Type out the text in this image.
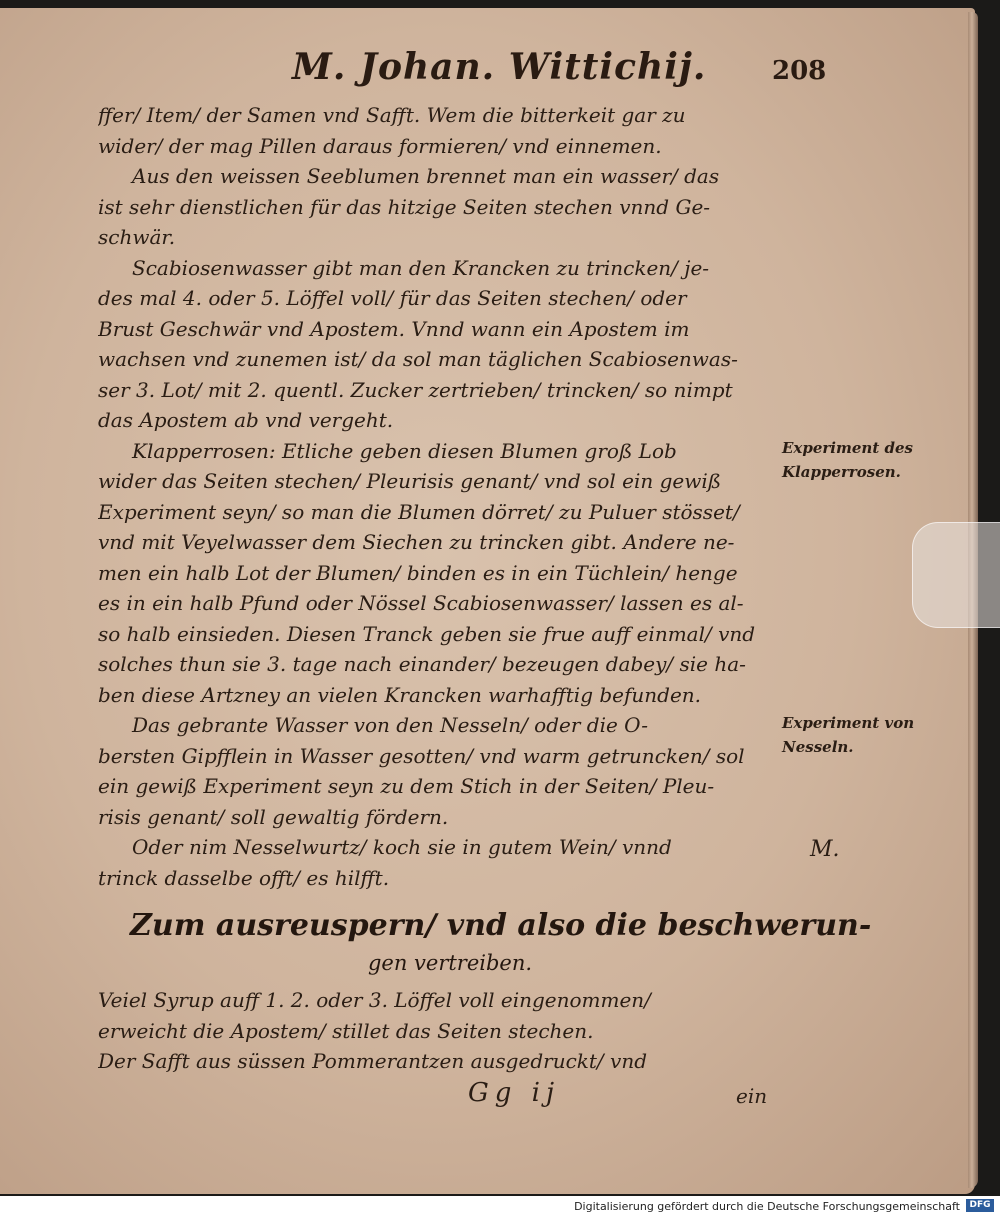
M. Johan. Wittichij.	208
ffer/ Item/ der Samen vnd Safft. Wem die bitterkeit gar zu
wider/ der mag Pillen daraus formieren/ vnd einnemen.
Aus den weissen Seeblumen brennet man ein wasser/ das
ist sehr dienstlichen für das hitzige Seiten stechen vnnd Ge-
schwär.
Scabiosenwasser gibt man den Krancken zu trincken/ je-
des mal 4. oder 5. Löffel voll/ für das Seiten stechen/ oder
Brust Geschwär vnd Apostem. Vnnd wann ein Apostem im
wachsen vnd zunemen ist/ da sol man täglichen Scabiosenwas-
ser 3. Lot/ mit 2. quentl. Zucker zertrieben/ trincken/ so nimpt
das Apostem ab vnd vergeht.
Klapperrosen: Etliche geben diesen Blumen groß Lob
wider das Seiten stechen/ Pleurisis genant/ vnd sol ein gewiß
Experiment seyn/ so man die Blumen dörret/ zu Puluer stösset/
vnd mit Veyelwasser dem Siechen zu trincken gibt. Andere ne-
men ein halb Lot der Blumen/ binden es in ein Tüchlein/ henge
es in ein halb Pfund oder Nössel Scabiosenwasser/ lassen es al-
so halb einsieden. Diesen Tranck geben sie frue auff einmal/ vnd
solches thun sie 3. tage nach einander/ bezeugen dabey/ sie ha-
ben diese Artzney an vielen Krancken warhafftig befunden.
Das gebrante Wasser von den Nesseln/ oder die O-
bersten Gipfflein in Wasser gesotten/ vnd warm getruncken/ sol
ein gewiß Experiment seyn zu dem Stich in der Seiten/ Pleu-
risis genant/ soll gewaltig fördern.
Oder nim Nesselwurtz/ koch sie in gutem Wein/ vnnd
trinck dasselbe offt/ es hilfft.
Zum ausreuspern/ vnd also die beschwerun-
gen vertreiben.
Veiel Syrup auff 1. 2. oder 3. Löffel voll eingenommen/
erweicht die Apostem/ stillet das Seiten stechen.
Der Safft aus süssen Pommerantzen ausgedruckt/ vnd
Gg ij	ein
Experiment des
Klapperrosen.
Experiment von
Nesseln.
M.
Digitalisierung gefördert durch die Deutsche Forschungsgemeinschaft	DFG
